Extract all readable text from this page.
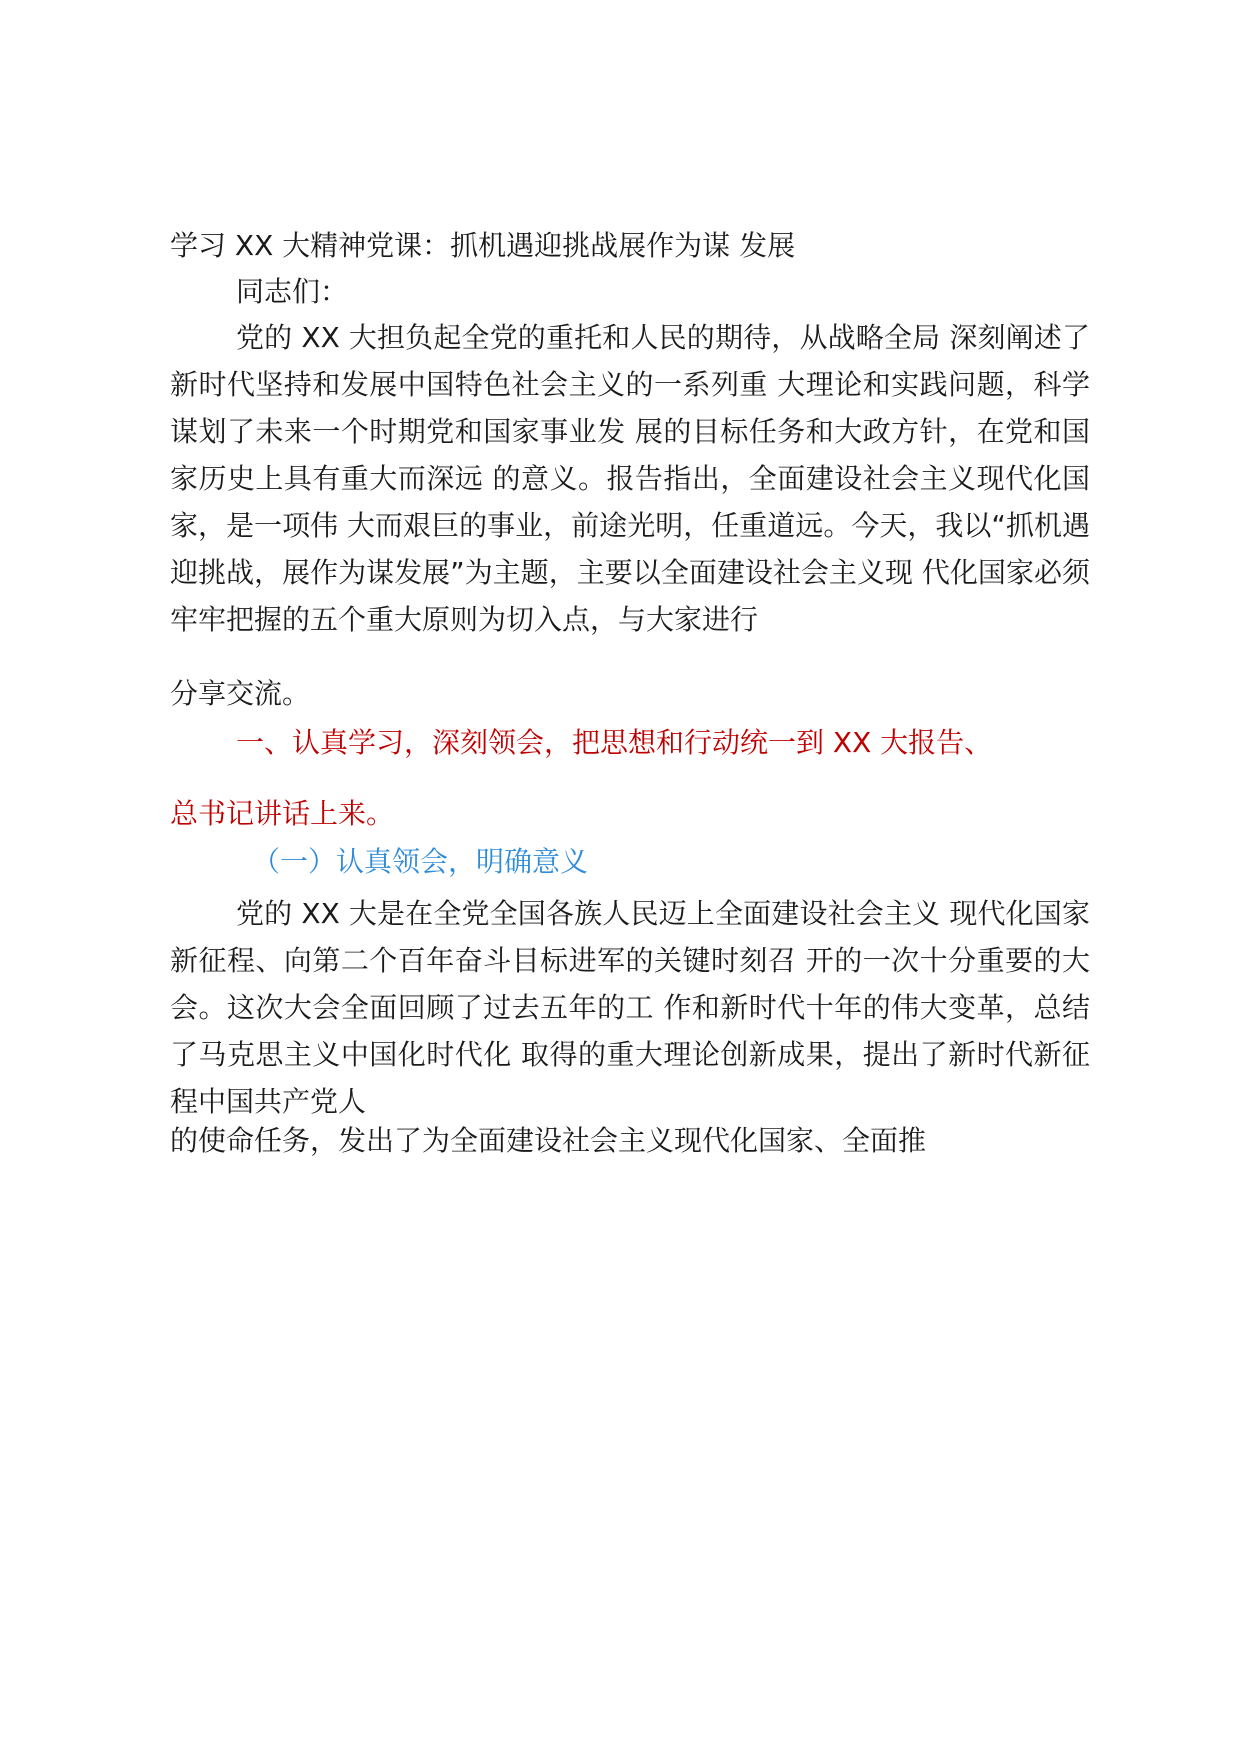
学习 XX 大精神党课：抓机遇迎挑战展作为谋 发展

同志们：

党的 XX 大担负起全党的重托和人民的期待，从战略全局 深刻阐述了新时代坚持和发展中国特色社会主义的一系列重 大理论和实践问题，科学谋划了未来一个时期党和国家事业发 展的目标任务和大政方针，在党和国家历史上具有重大而深远 的意义。报告指出，全面建设社会主义现代化国家，是一项伟 大而艰巨的事业，前途光明，任重道远。今天，我以“抓机遇 迎挑战，展作为谋发展”为主题，主要以全面建设社会主义现 代化国家必须牢牢把握的五个重大原则为切入点，与大家进行

分享交流。

一、认真学习，深刻领会，把思想和行动统一到 XX 大报告、

总书记讲话上来。

（一）认真领会，明确意义

党的 XX 大是在全党全国各族人民迈上全面建设社会主义 现代化国家新征程、向第二个百年奋斗目标进军的关键时刻召 开的一次十分重要的大会。这次大会全面回顾了过去五年的工 作和新时代十年的伟大变革，总结了马克思主义中国化时代化 取得的重大理论创新成果，提出了新时代新征程中国共产党人

的使命任务，发出了为全面建设社会主义现代化国家、全面推
